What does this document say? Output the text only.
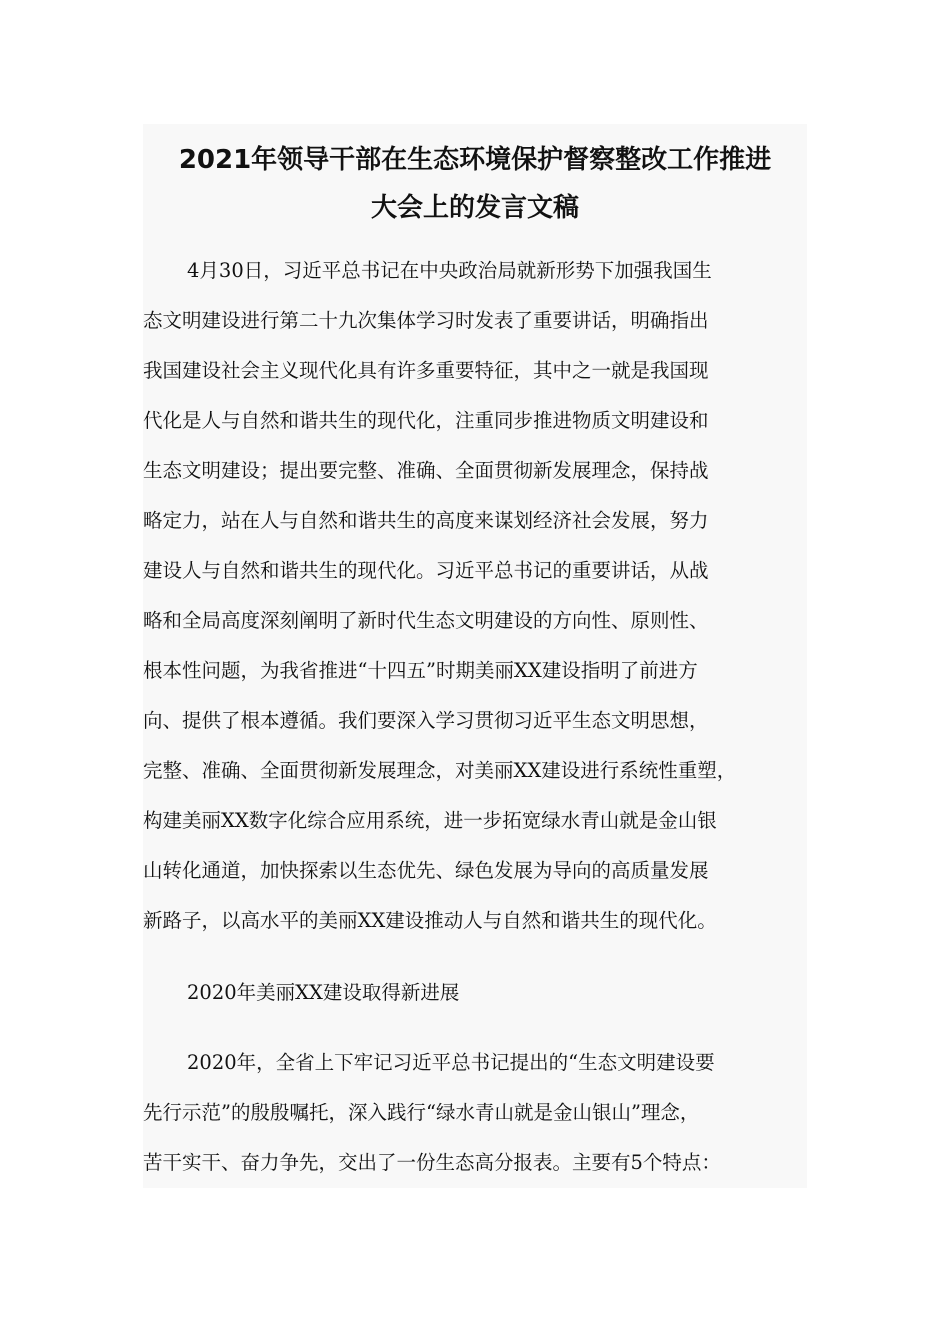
2021年领导干部在生态环境保护督察整改工作推进
大会上的发言文稿
4月30日，习近平总书记在中央政治局就新形势下加强我国生
态文明建设进行第二十九次集体学习时发表了重要讲话，明确指出
我国建设社会主义现代化具有许多重要特征，其中之一就是我国现
代化是人与自然和谐共生的现代化，注重同步推进物质文明建设和
生态文明建设；提出要完整、准确、全面贯彻新发展理念，保持战
略定力，站在人与自然和谐共生的高度来谋划经济社会发展，努力
建设人与自然和谐共生的现代化。习近平总书记的重要讲话，从战
略和全局高度深刻阐明了新时代生态文明建设的方向性、原则性、
根本性问题，为我省推进“十四五”时期美丽XX建设指明了前进方
向、提供了根本遵循。我们要深入学习贯彻习近平生态文明思想，
完整、准确、全面贯彻新发展理念，对美丽XX建设进行系统性重塑，
构建美丽XX数字化综合应用系统，进一步拓宽绿水青山就是金山银
山转化通道，加快探索以生态优先、绿色发展为导向的高质量发展
新路子，以高水平的美丽XX建设推动人与自然和谐共生的现代化。
2020年美丽XX建设取得新进展
2020年，全省上下牢记习近平总书记提出的“生态文明建设要
先行示范”的殷殷嘱托，深入践行“绿水青山就是金山银山”理念，
苦干实干、奋力争先，交出了一份生态高分报表。主要有5个特点：
